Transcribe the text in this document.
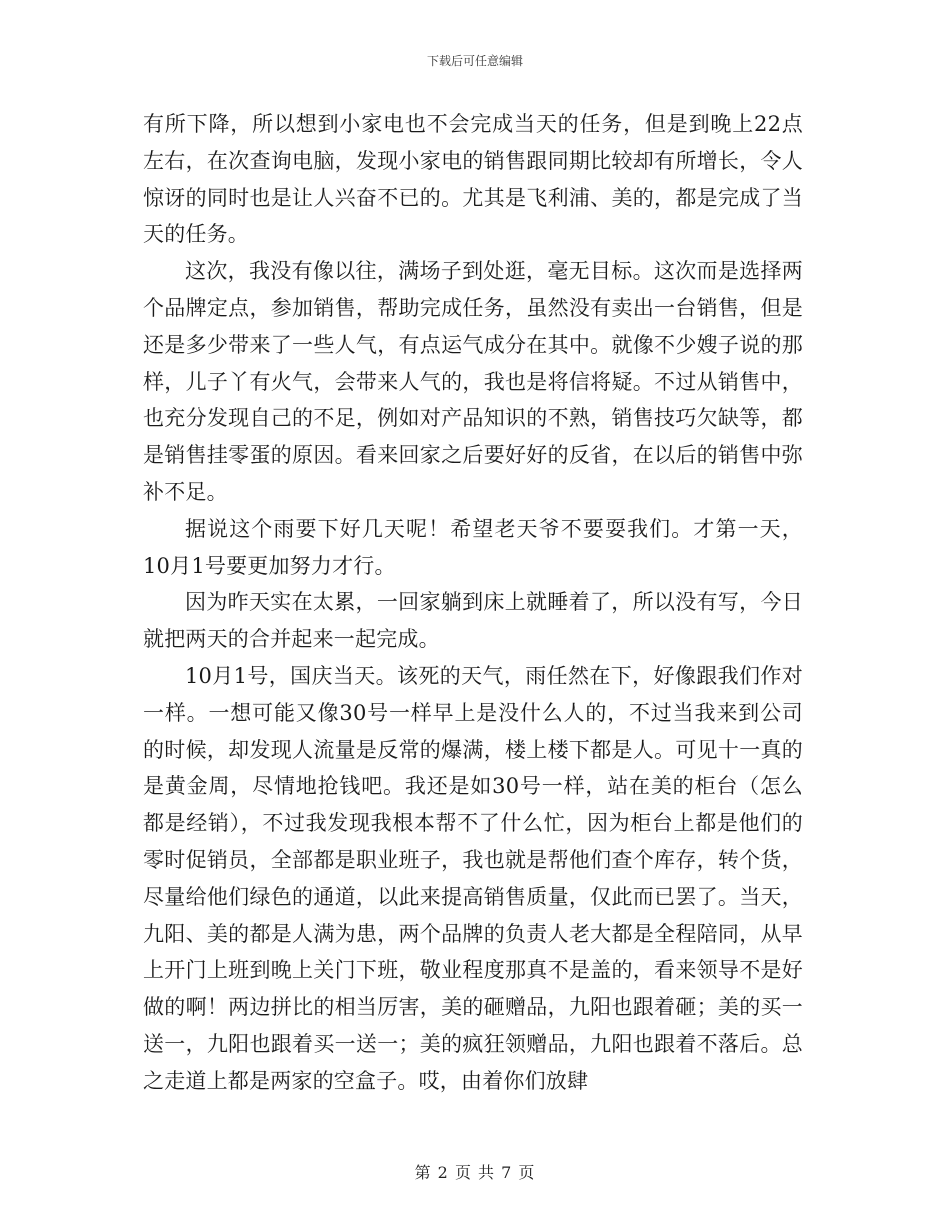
下载后可任意编辑

有所下降，所以想到小家电也不会完成当天的任务，但是到晚上22点左右，在次查询电脑，发现小家电的销售跟同期比较却有所增长，令人惊讶的同时也是让人兴奋不已的。尤其是飞利浦、美的，都是完成了当天的任务。

这次，我没有像以往，满场子到处逛，毫无目标。这次而是选择两个品牌定点，参加销售，帮助完成任务，虽然没有卖出一台销售，但是还是多少带来了一些人气，有点运气成分在其中。就像不少嫂子说的那样，儿子丫有火气，会带来人气的，我也是将信将疑。不过从销售中，也充分发现自己的不足，例如对产品知识的不熟，销售技巧欠缺等，都是销售挂零蛋的原因。看来回家之后要好好的反省，在以后的销售中弥补不足。

据说这个雨要下好几天呢！希望老天爷不要耍我们。才第一天，10月1号要更加努力才行。

因为昨天实在太累，一回家躺到床上就睡着了，所以没有写，今日就把两天的合并起来一起完成。

10月1号，国庆当天。该死的天气，雨任然在下，好像跟我们作对一样。一想可能又像30号一样早上是没什么人的，不过当我来到公司的时候，却发现人流量是反常的爆满，楼上楼下都是人。可见十一真的是黄金周，尽情地抢钱吧。我还是如30号一样，站在美的柜台（怎么都是经销），不过我发现我根本帮不了什么忙，因为柜台上都是他们的零时促销员，全部都是职业班子，我也就是帮他们查个库存，转个货，尽量给他们绿色的通道，以此来提高销售质量，仅此而已罢了。当天，九阳、美的都是人满为患，两个品牌的负责人老大都是全程陪同，从早上开门上班到晚上关门下班，敬业程度那真不是盖的，看来领导不是好做的啊！两边拼比的相当厉害，美的砸赠品，九阳也跟着砸；美的买一送一，九阳也跟着买一送一；美的疯狂领赠品，九阳也跟着不落后。总之走道上都是两家的空盒子。哎，由着你们放肆

第 2 页 共 7 页
